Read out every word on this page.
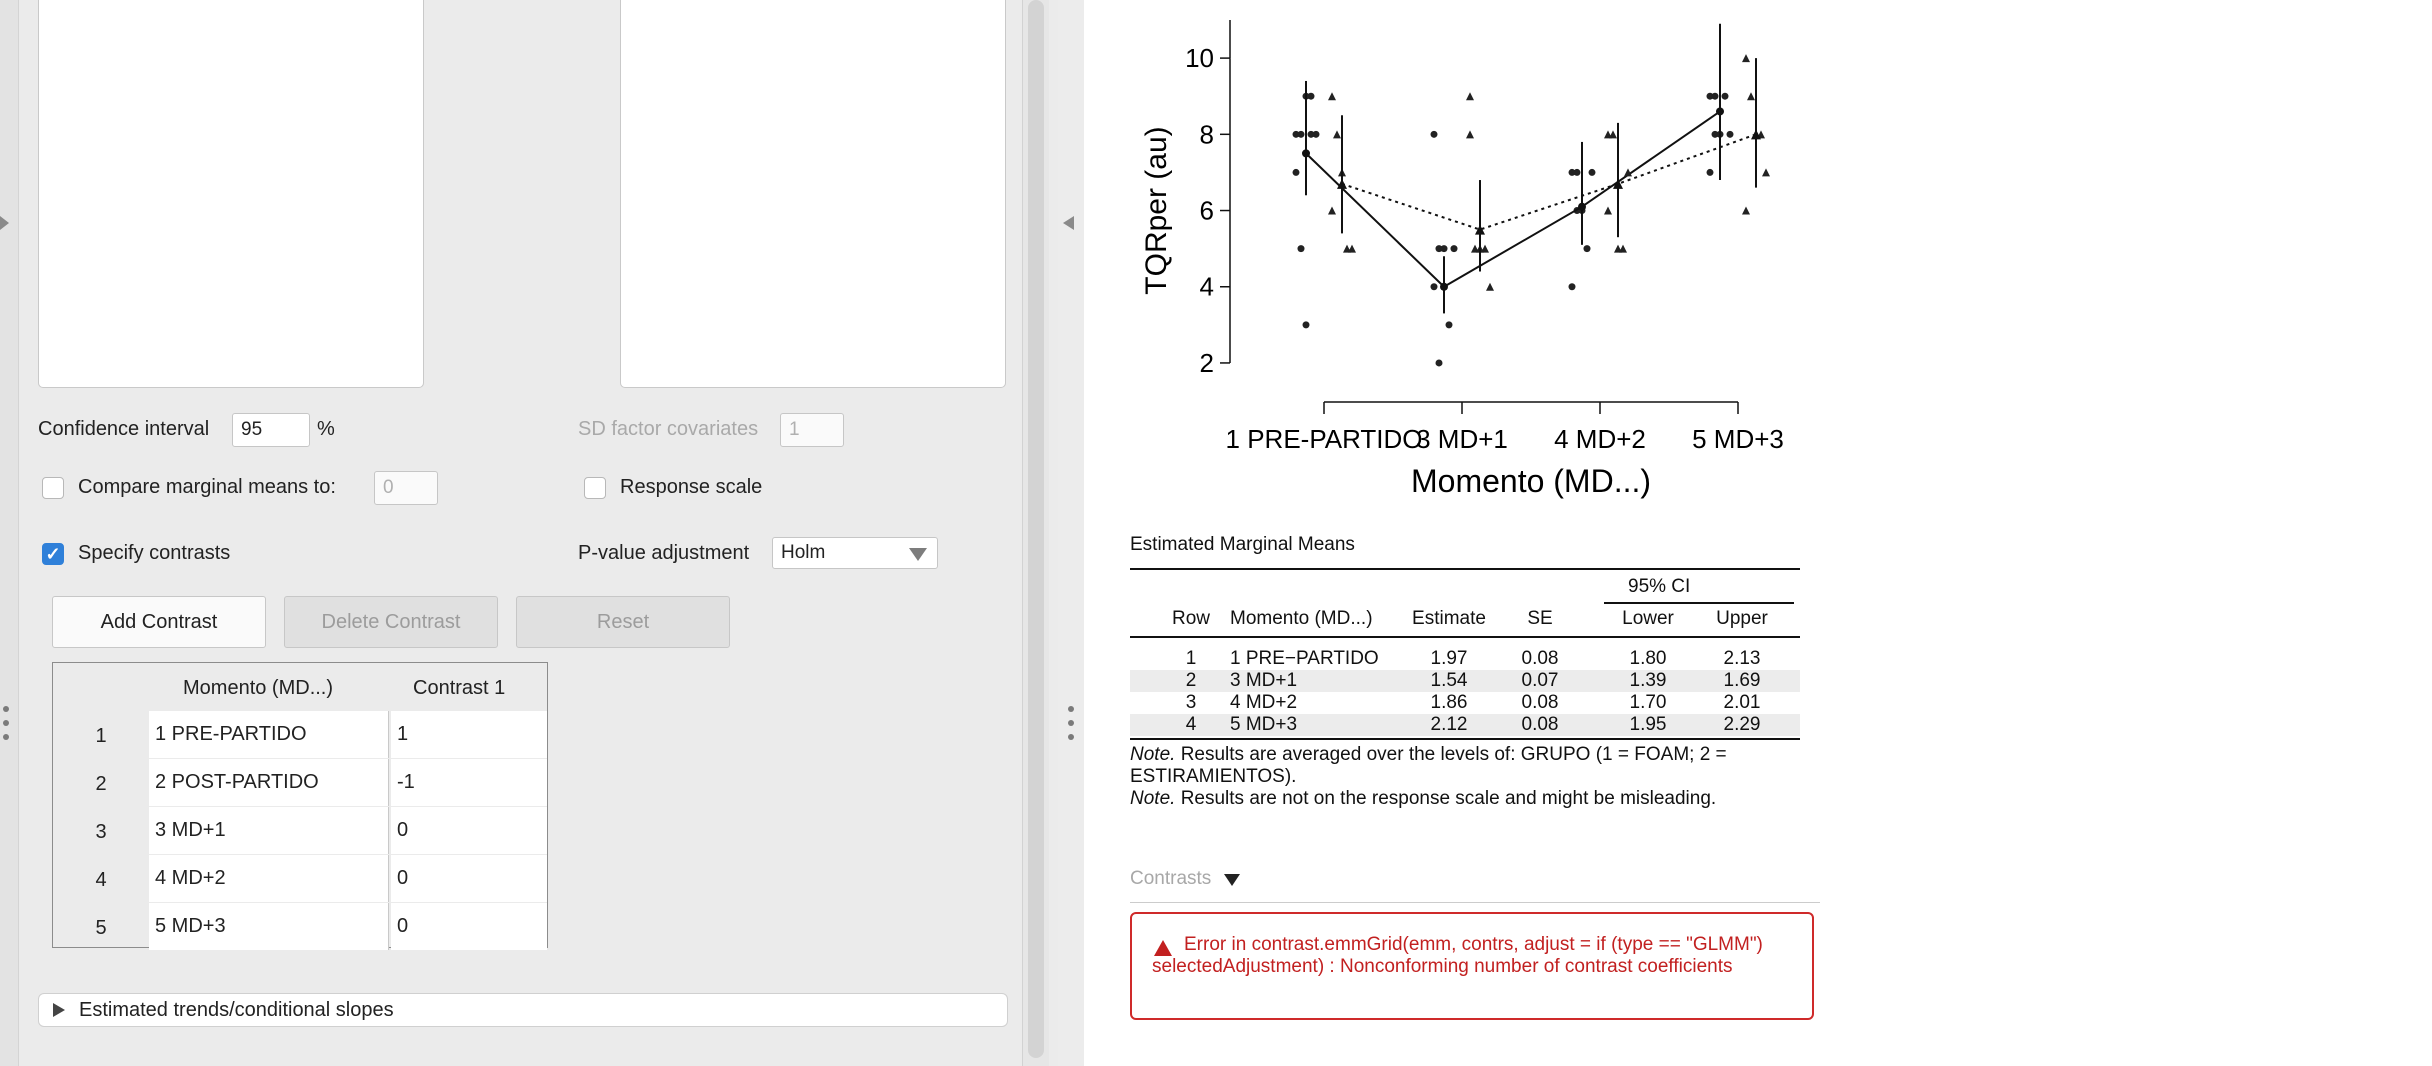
Confidence interval	95	%	SD factor covariates	1
Compare marginal means to:	0	Response scale
✓ Specify contrasts	P-value adjustment	Holm
Add Contrast	Delete Contrast	Reset
Momento (MD...)	Contrast 1
1	1 PRE-PARTIDO	1
2	2 POST-PARTIDO	-1
3	3 MD+1	0
4	4 MD+2	0
5	5 MD+3	0
Estimated trends/conditional slopes
2
4
6
8
10
TQRper (au)
1 PRE-PARTIDO
3 MD+1 4 MD+2 5 MD+3
Momento (MD...)
Estimated Marginal Means
95% CI
Row	Momento (MD...)	Estimate	SE	Lower	Upper
1	1 PRE−PARTIDO	1.97	0.08	1.80	2.13
2	3 MD+1	1.54	0.07	1.39	1.69
3	4 MD+2	1.86	0.08	1.70	2.01
4	5 MD+3	2.12	0.08	1.95	2.29
Note. Results are averaged over the levels of: GRUPO (1 = FOAM; 2 = ESTIRAMIENTOS).
Note. Results are not on the response scale and might be misleading.
Contrasts
Error in contrast.emmGrid(emm, contrs, adjust = if (type == "GLMM") selectedAdjustment) : Nonconforming number of contrast coefficients
